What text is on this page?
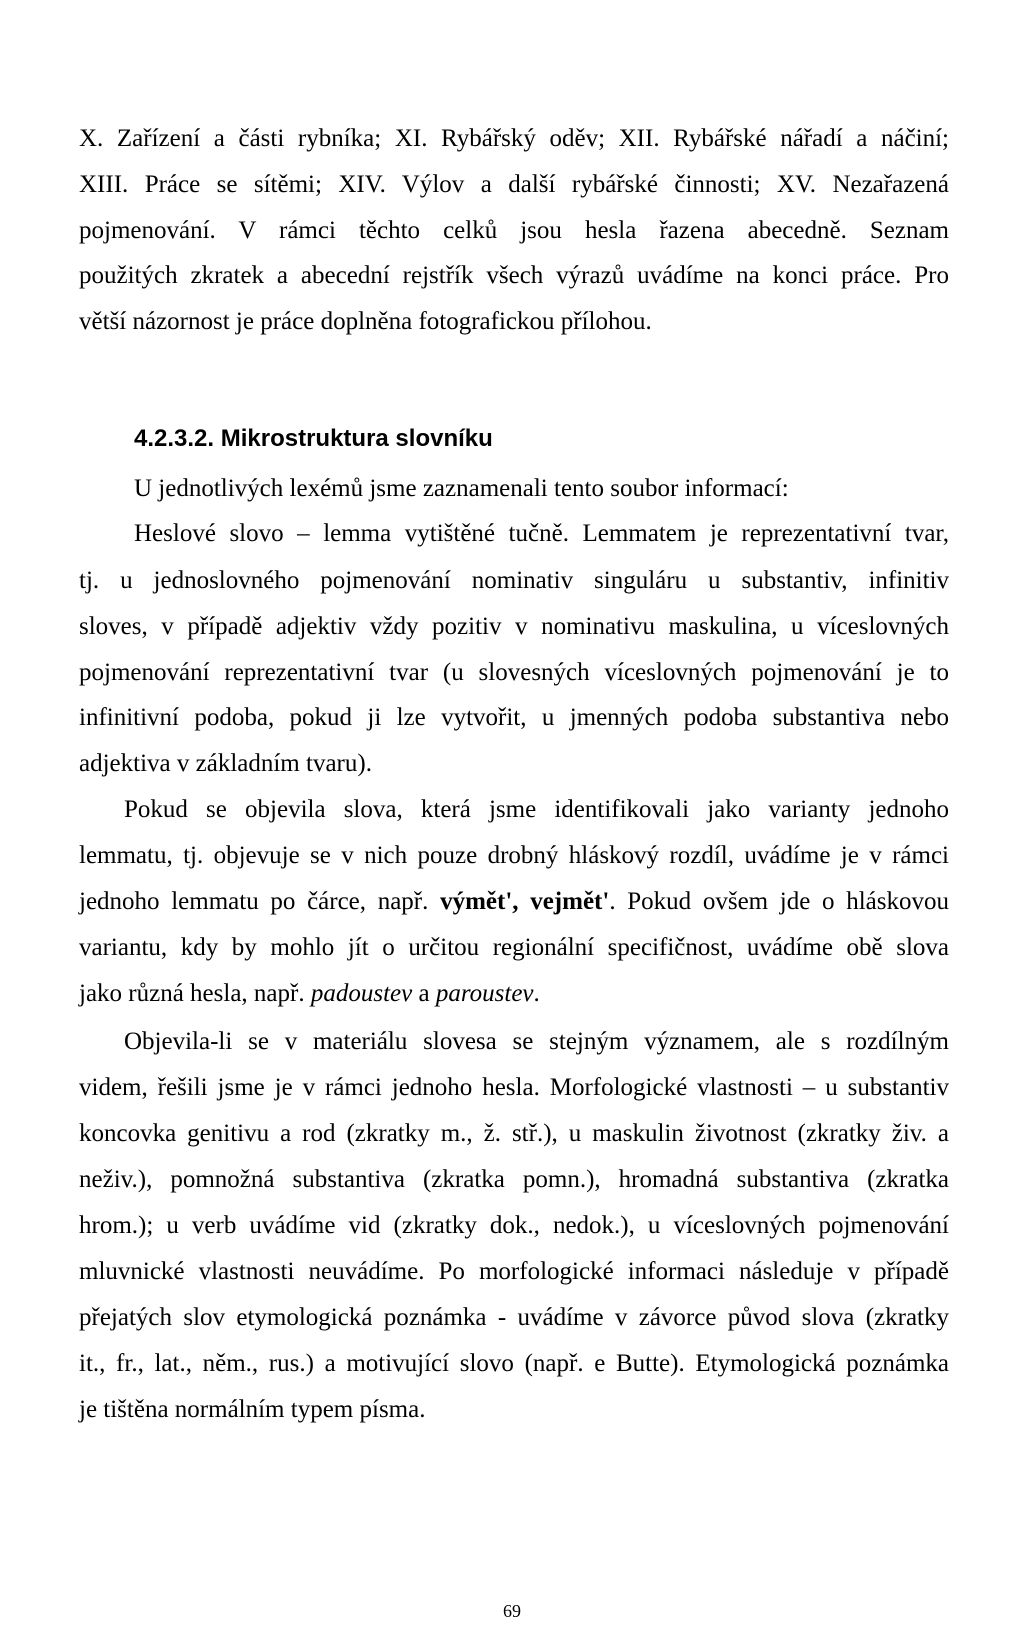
X. Zařízení a části rybníka; XI. Rybářský oděv; XII. Rybářské nářadí a náčiní;
XIII. Práce se sítěmi; XIV. Výlov a další rybářské činnosti; XV. Nezařazená
pojmenování. V rámci těchto celků jsou hesla řazena abecedně. Seznam
použitých zkratek a abecední rejstřík všech výrazů uvádíme na konci práce. Pro
větší názornost je práce doplněna fotografickou přílohou.
4.2.3.2. Mikrostruktura slovníku
U jednotlivých lexémů jsme zaznamenali tento soubor informací:
Heslové slovo – lemma vytištěné tučně. Lemmatem je reprezentativní tvar,
tj. u jednoslovného pojmenování nominativ singuláru u substantiv, infinitiv
sloves, v případě adjektiv vždy pozitiv v nominativu maskulina, u víceslovných
pojmenování reprezentativní tvar (u slovesných víceslovných pojmenování je to
infinitivní podoba, pokud ji lze vytvořit, u jmenných podoba substantiva nebo
adjektiva v základním tvaru).
Pokud se objevila slova, která jsme identifikovali jako varianty jednoho
lemmatu, tj. objevuje se v nich pouze drobný hláskový rozdíl, uvádíme je v rámci
jednoho lemmatu po čárce, např. výmět', vejmět'. Pokud ovšem jde o hláskovou
variantu, kdy by mohlo jít o určitou regionální specifičnost, uvádíme obě slova
jako různá hesla, např. padoustev a paroustev.
Objevila-li se v materiálu slovesa se stejným významem, ale s rozdílným
videm, řešili jsme je v rámci jednoho hesla. Morfologické vlastnosti – u substantiv
koncovka genitivu a rod (zkratky m., ž. stř.), u maskulin životnost (zkratky živ. a
neživ.), pomnožná substantiva (zkratka pomn.), hromadná substantiva (zkratka
hrom.); u verb uvádíme vid (zkratky dok., nedok.), u víceslovných pojmenování
mluvnické vlastnosti neuvádíme. Po morfologické informaci následuje v případě
přejatých slov etymologická poznámka - uvádíme v závorce původ slova (zkratky
it., fr., lat., něm., rus.) a motivující slovo (např. e Butte). Etymologická poznámka
je tištěna normálním typem písma.
69
